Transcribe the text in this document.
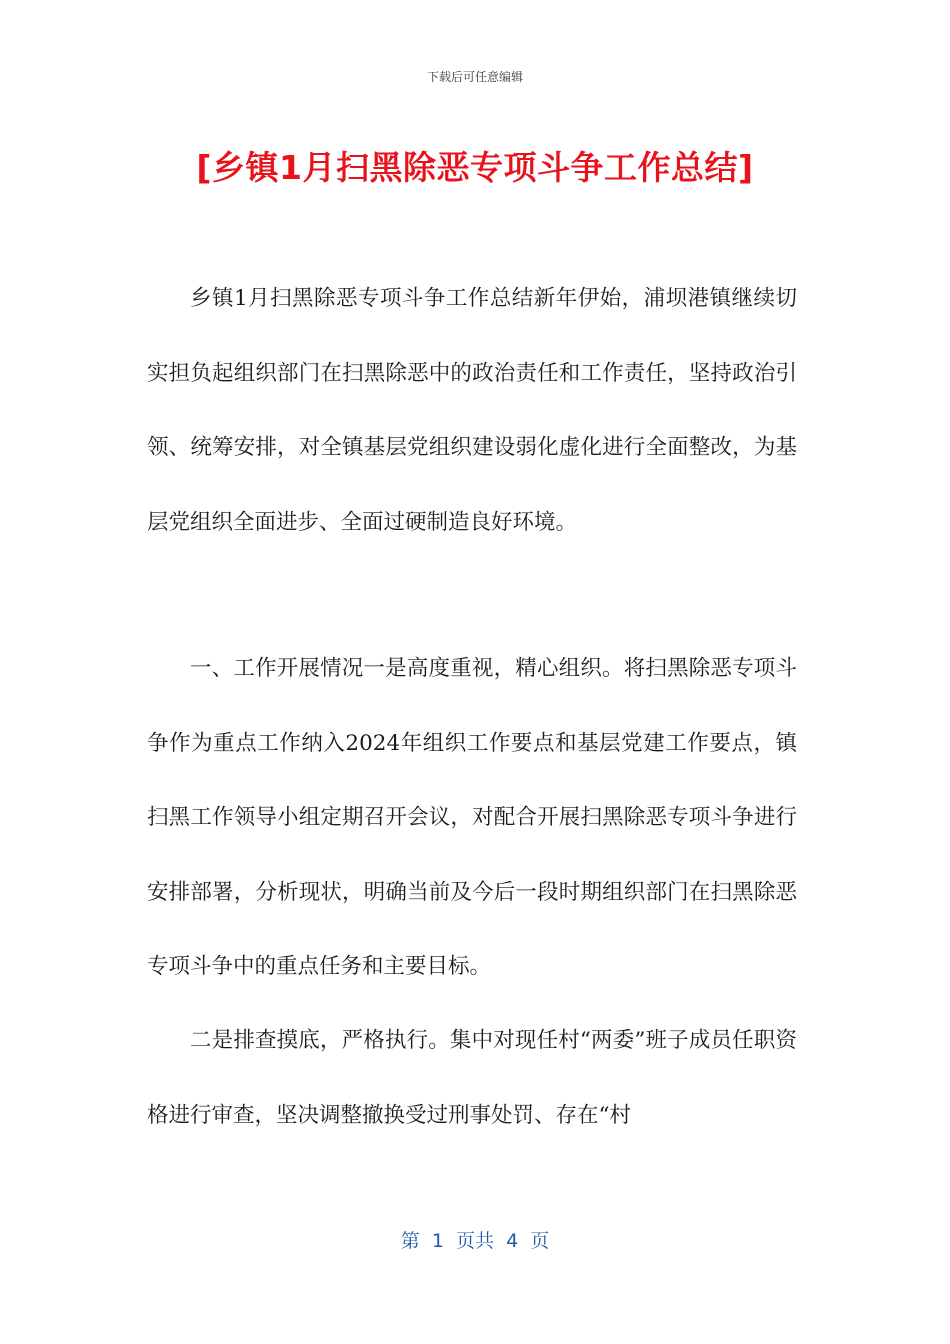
下载后可任意编辑
[乡镇1月扫黑除恶专项斗争工作总结]

乡镇1月扫黑除恶专项斗争工作总结新年伊始，浦坝港镇继续切实担负起组织部门在扫黑除恶中的政治责任和工作责任，坚持政治引领、统筹安排，对全镇基层党组织建设弱化虚化进行全面整改，为基层党组织全面进步、全面过硬制造良好环境。

一、工作开展情况一是高度重视，精心组织。将扫黑除恶专项斗争作为重点工作纳入2024年组织工作要点和基层党建工作要点，镇扫黑工作领导小组定期召开会议，对配合开展扫黑除恶专项斗争进行安排部署，分析现状，明确当前及今后一段时期组织部门在扫黑除恶专项斗争中的重点任务和主要目标。

二是排查摸底，严格执行。集中对现任村“两委”班子成员任职资格进行审查，坚决调整撤换受过刑事处罚、存在“村

第  1  页共  4  页
